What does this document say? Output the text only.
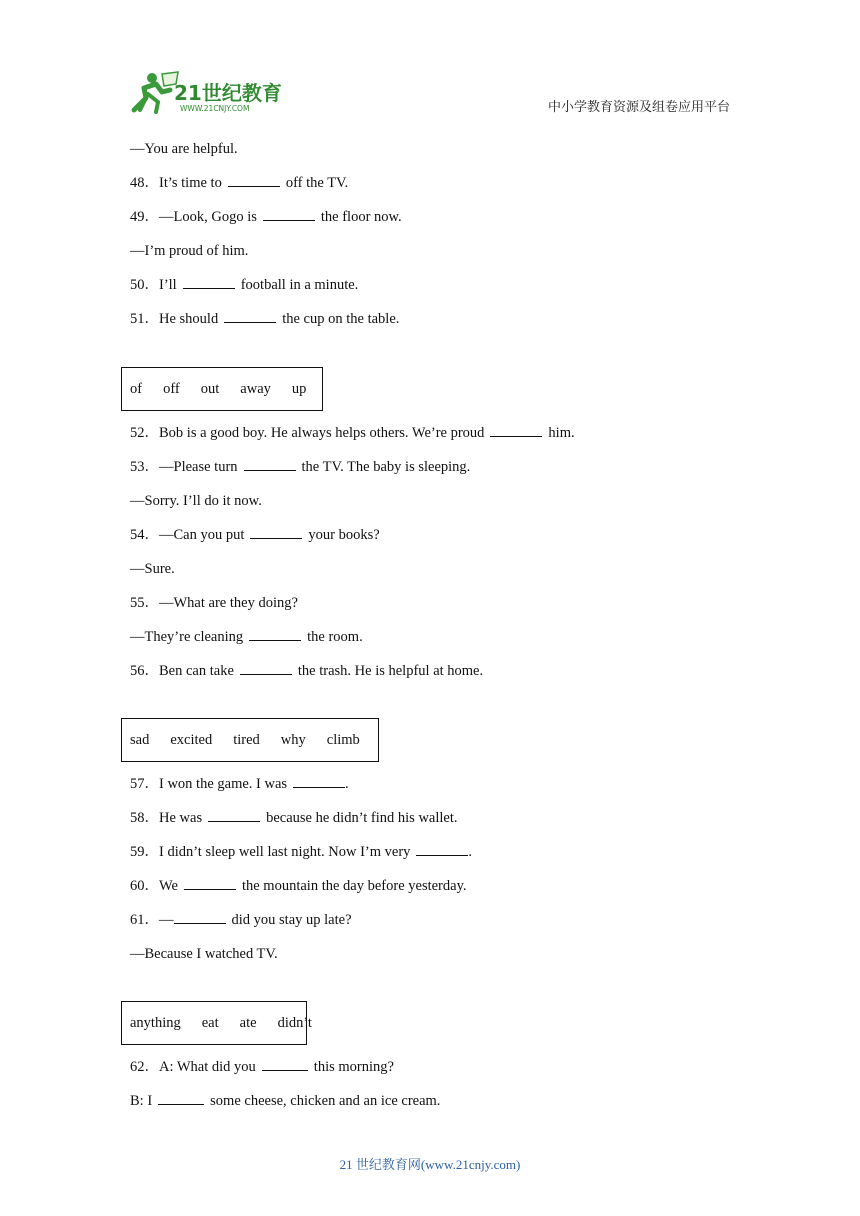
21世纪教育
WWW.21CNJY.COM	中小学教育资源及组卷应用平台
—You are helpful.
48．It’s time to	off the TV.
49．—Look, Gogo is	the floor now.
—I’m proud of him.
50．I’ll	football in a minute.
51．He should	the cup on the table.
of off out away up
52．Bob is a good boy. He always helps others. We’re proud	him.
53．—Please turn	the TV. The baby is sleeping.
—Sorry. I’ll do it now.
54．—Can you put	your books?
—Sure.
55．—What are they doing?
—They’re cleaning	the room.
56．Ben can take	the trash. He is helpful at home.
sad excited tired why climb
57．I won the game. I was	.
58．He was	because he didn’t find his wallet.
59．I didn’t sleep well last night. Now I’m very	.
60．We	the mountain the day before yesterday.
61．—	did you stay up late?
—Because I watched TV.
anything eat ate didn’t
62．A: What did you	this morning?
B: I	some cheese, chicken and an ice cream.
21 世纪教育网(www.21cnjy.com)
